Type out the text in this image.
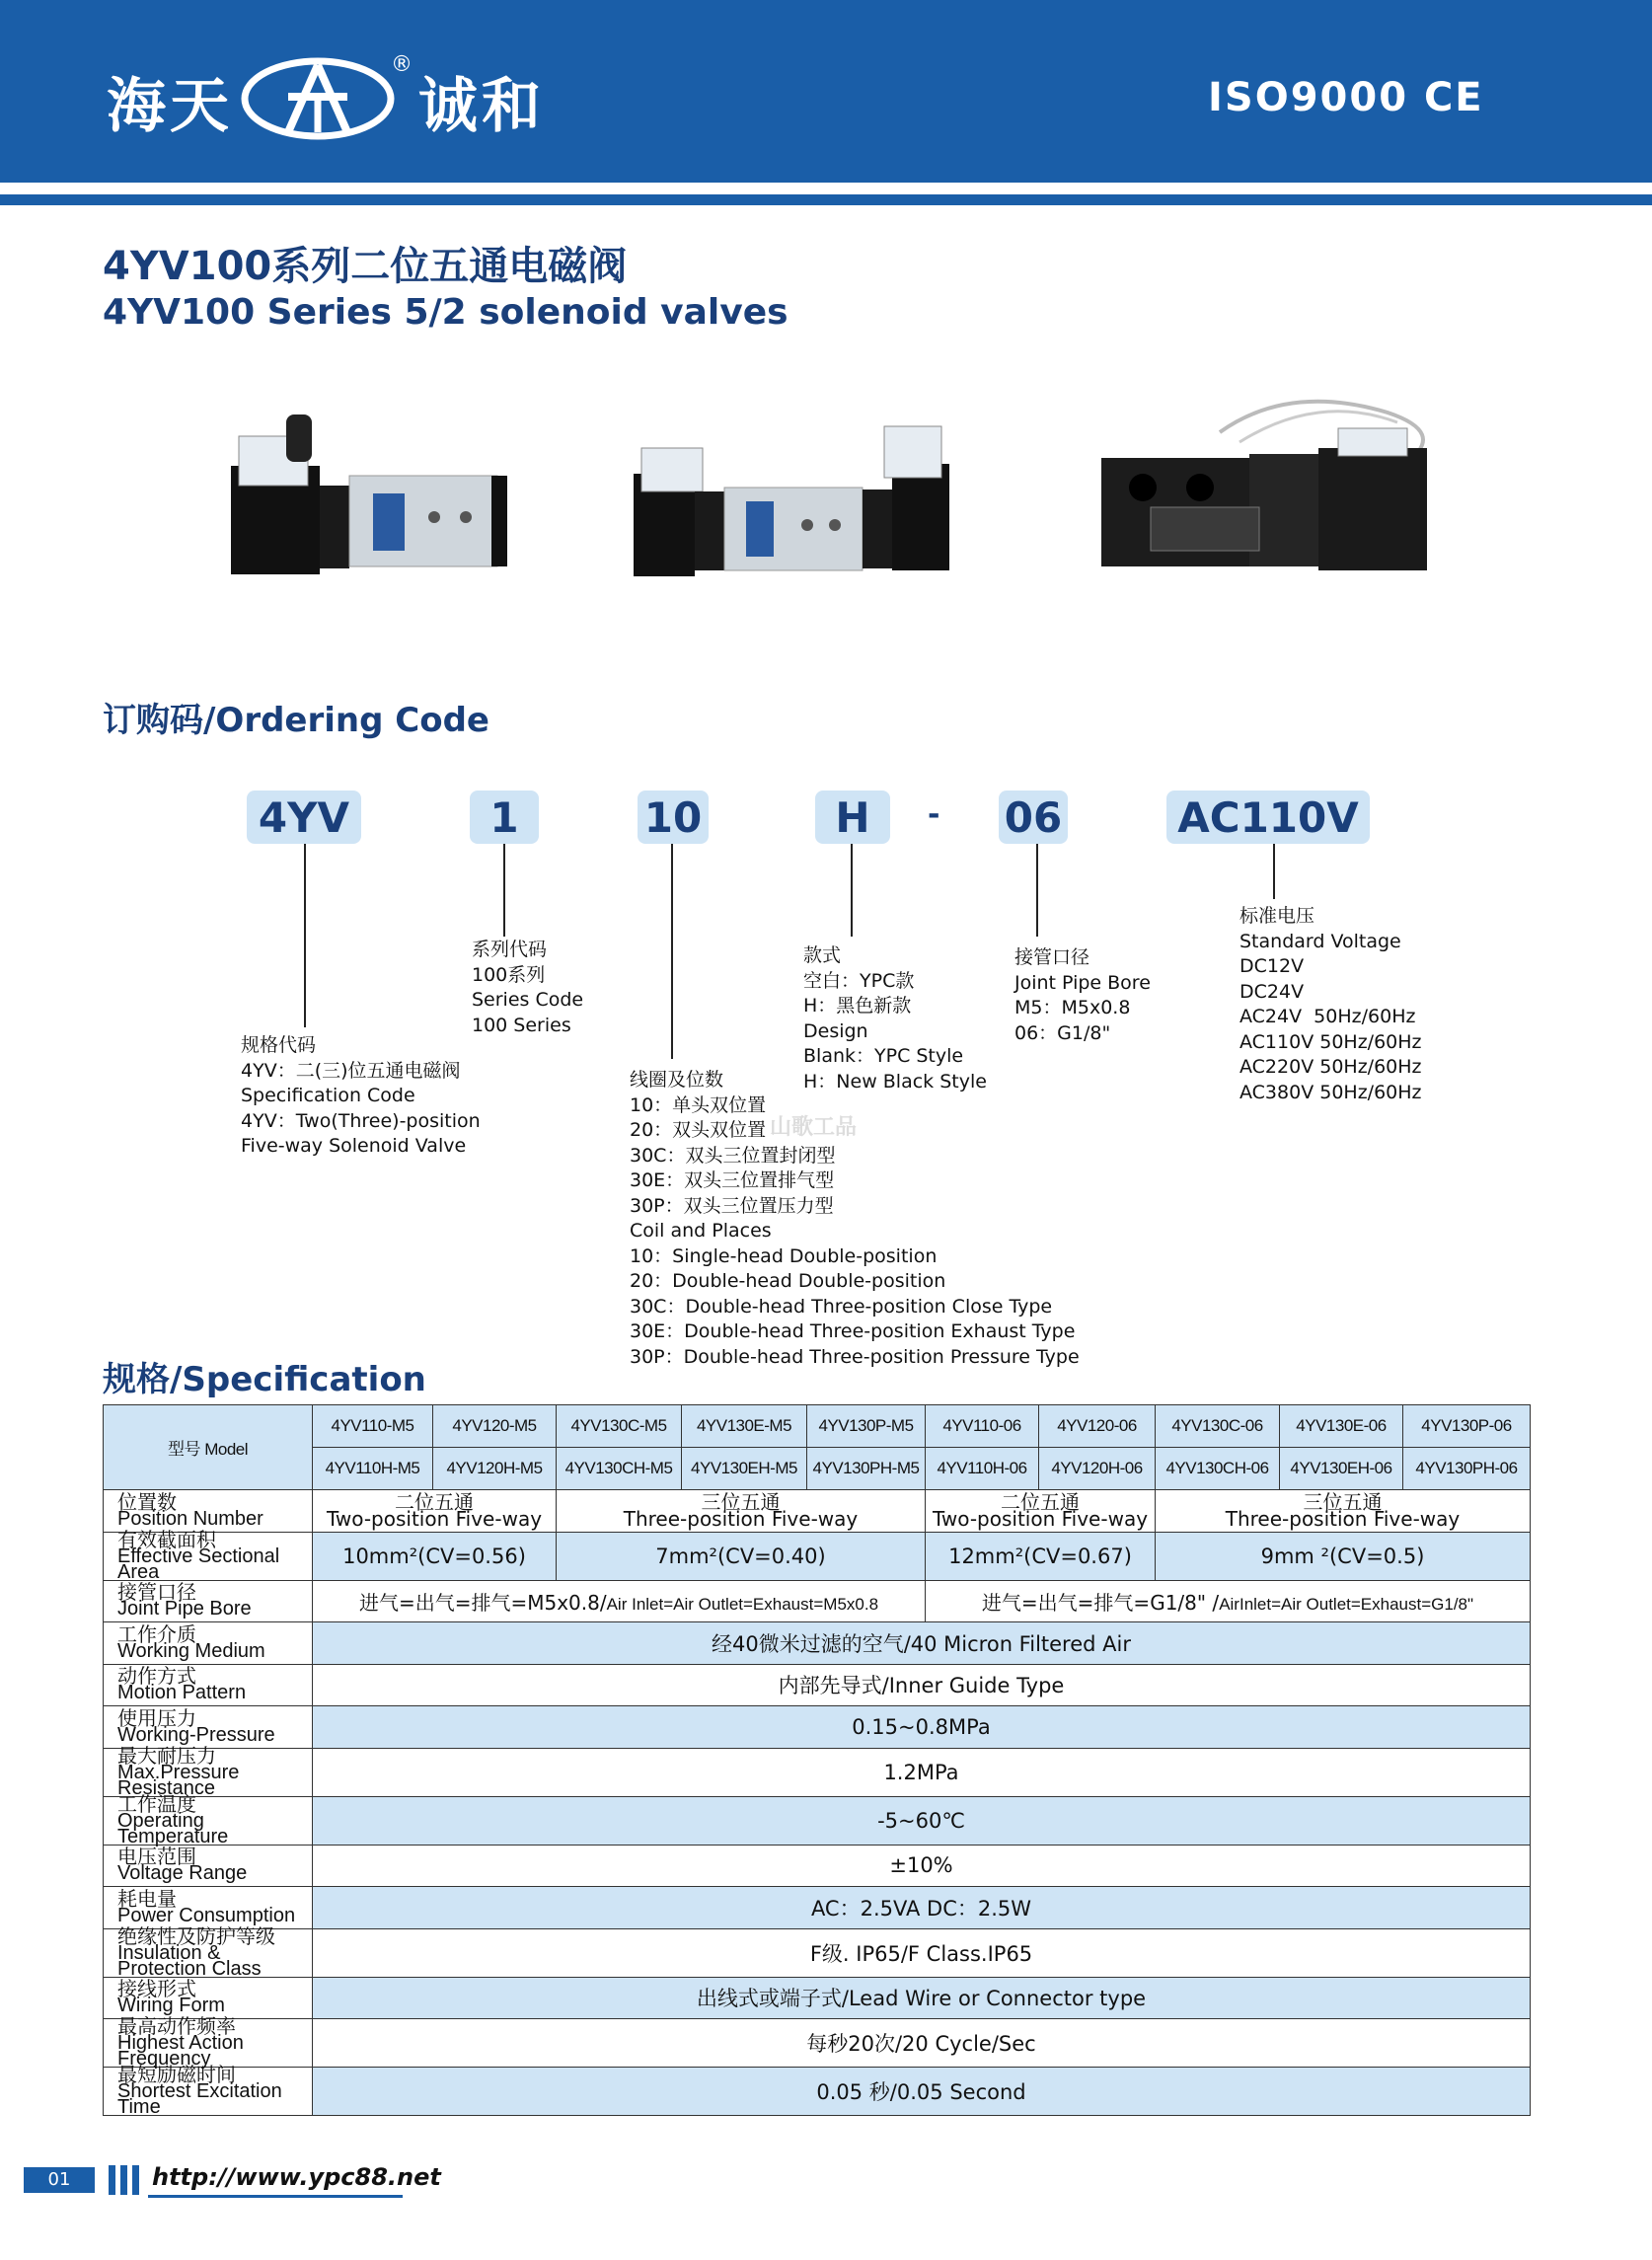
海天
®
诚和	ISO9000 CE
4YV100系列二位五通电磁阀
4YV100 Series 5/2 solenoid valves
订购码/Ordering Code
4YV	1	10	H	- 06	AC110V
规格代码
4YV：二(三)位五通电磁阀
Specification Code
4YV：Two(Three)-position
Five-way Solenoid Valve
系列代码
100系列
Series Code
100 Series
线圈及位数
10：单头双位置
20：双头双位置
30C：双头三位置封闭型
30E：双头三位置排气型
30P：双头三位置压力型
Coil and Places
10：Single-head Double-position
20：Double-head Double-position
30C：Double-head Three-position Close Type
30E：Double-head Three-position Exhaust Type
30P：Double-head Three-position Pressure Type
款式
空白：YPC款
H：黑色新款
Design
Blank：YPC Style
H：New Black Style
接管口径
Joint Pipe Bore
M5：M5x0.8
06：G1/8"
标准电压
Standard Voltage
DC12V
DC24V
AC24V  50Hz/60Hz
AC110V 50Hz/60Hz
AC220V 50Hz/60Hz
AC380V 50Hz/60Hz
山歌工品
规格/Specification
型号 Model	4YV110-M5	4YV120-M5	4YV130C-M5	4YV130E-M5	4YV130P-M5	4YV110-06	4YV120-06	4YV130C-06	4YV130E-06	4YV130P-06
	4YV110H-M5	4YV120H-M5	4YV130CH-M5	4YV130EH-M5	4YV130PH-M5	4YV110H-06	4YV120H-06	4YV130CH-06	4YV130EH-06	4YV130PH-06

位置数
Position Number	二位五通
Two-position Five-way		三位五通
Three-position Five-way			二位五通
Two-position Five-way		三位五通
Three-position Five-way		

有效截面积
Effective Sectional Area	10mm²(CV=0.56)		7mm²(CV=0.40)			12mm²(CV=0.67)		9mm ²(CV=0.5)		

接管口径
Joint Pipe Bore	进气=出气=排气=M5x0.8/Air Inlet=Air Outlet=Exhaust=M5x0.8					进气=出气=排气=G1/8" /AirInlet=Air Outlet=Exhaust=G1/8"				

工作介质
Working Medium	经40微米过滤的空气/40 Micron Filtered Air									

动作方式
Motion Pattern	内部先导式/Inner Guide Type									

使用压力
Working-Pressure	0.15~0.8MPa									

最大耐压力
Max.Pressure Resistance	1.2MPa									

工作温度
Operating Temperature	-5~60℃									

电压范围
Voltage Range	±10%									

耗电量
Power Consumption	AC：2.5VA DC：2.5W									

绝缘性及防护等级
Insulation & Protection Class	F级. IP65/F Class.IP65									

接线形式
Wiring Form	出线式或端子式/Lead Wire or Connector type									

最高动作频率
Highest Action Frequency	每秒20次/20 Cycle/Sec									

最短励磁时间
Shortest Excitation Time	0.05 秒/0.05 Second									
01	http://www.ypc88.net
